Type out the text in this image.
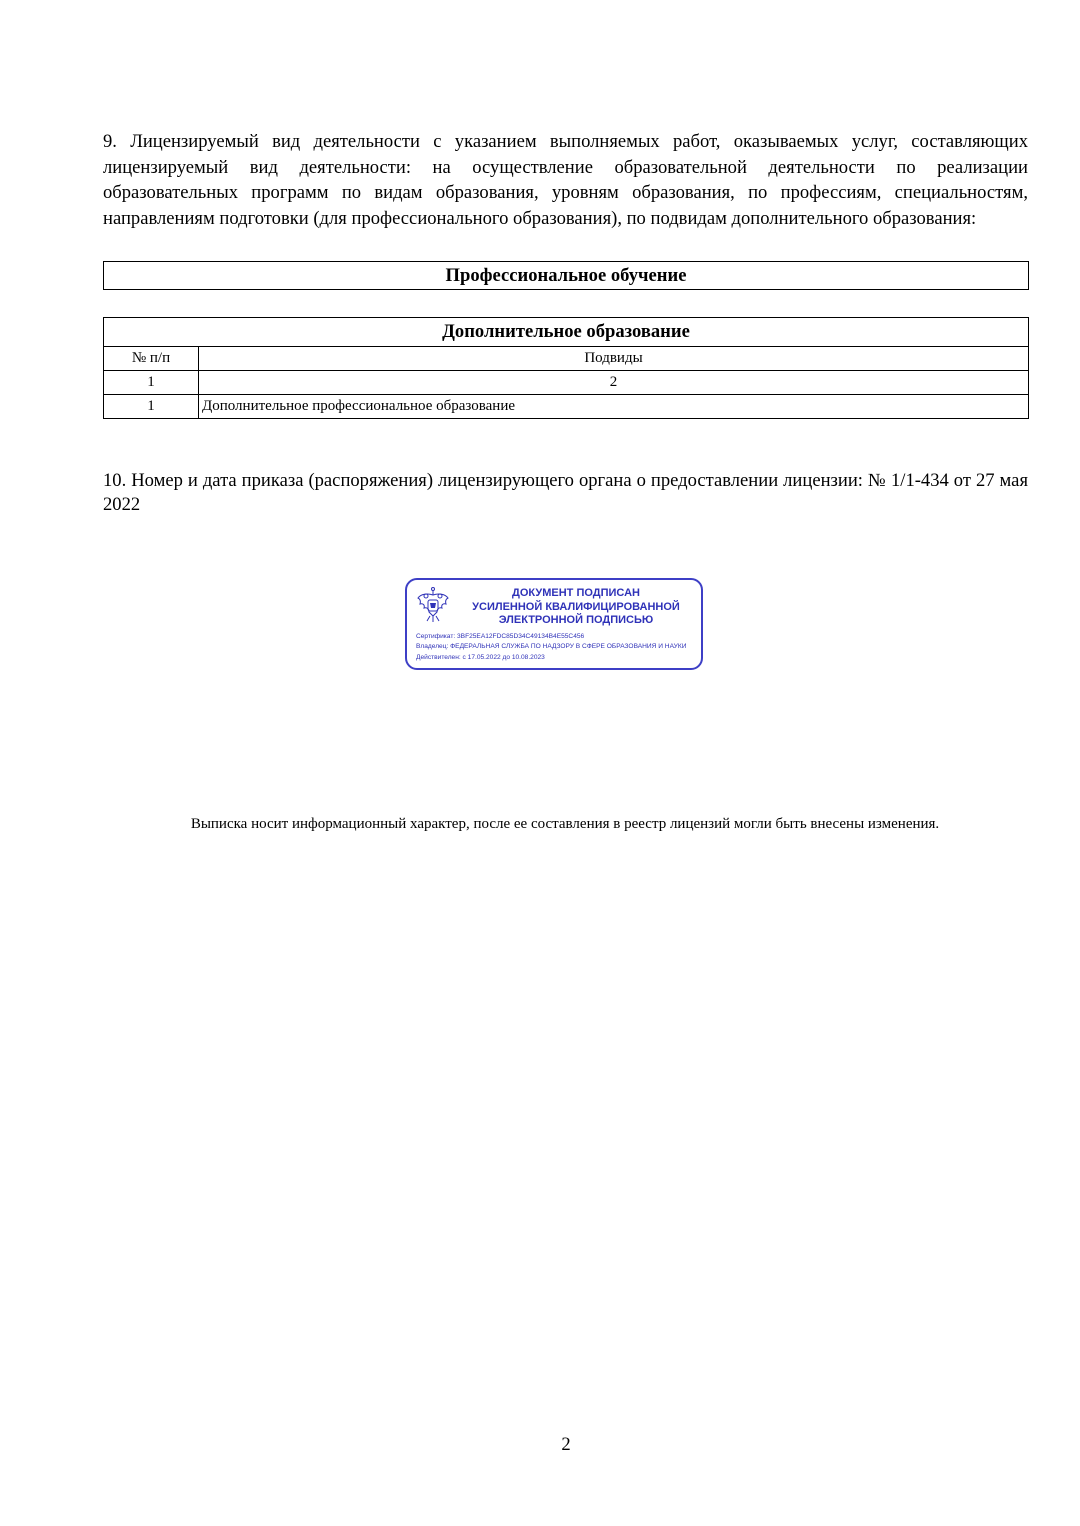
9. Лицензируемый вид деятельности с указанием выполняемых работ, оказываемых услуг, составляющих лицензируемый вид деятельности: на осуществление образовательной деятельности по реализации образовательных программ по видам образования, уровням образования, по профессиям, специальностям, направлениям подготовки (для профессионального образования), по подвидам дополнительного образования:
Профессиональное обучение
Дополнительное образование	
№ п/п	Подвиды
1	2
1	Дополнительное профессиональное образование
10. Номер и дата приказа (распоряжения) лицензирующего органа о предоставлении лицензии: № 1/1-434 от 27 мая 2022
ДОКУМЕНТ ПОДПИСАН
УСИЛЕННОЙ КВАЛИФИЦИРОВАННОЙ
ЭЛЕКТРОННОЙ ПОДПИСЬЮ
Сертификат: 3BF25EA12FDC85D34C49134B4E55C456
Владелец: ФЕДЕРАЛЬНАЯ СЛУЖБА ПО НАДЗОРУ В СФЕРЕ ОБРАЗОВАНИЯ И НАУКИ
Действителен: с 17.05.2022 до 10.08.2023
Выписка носит информационный характер, после ее составления в реестр лицензий могли быть внесены изменения.
2
